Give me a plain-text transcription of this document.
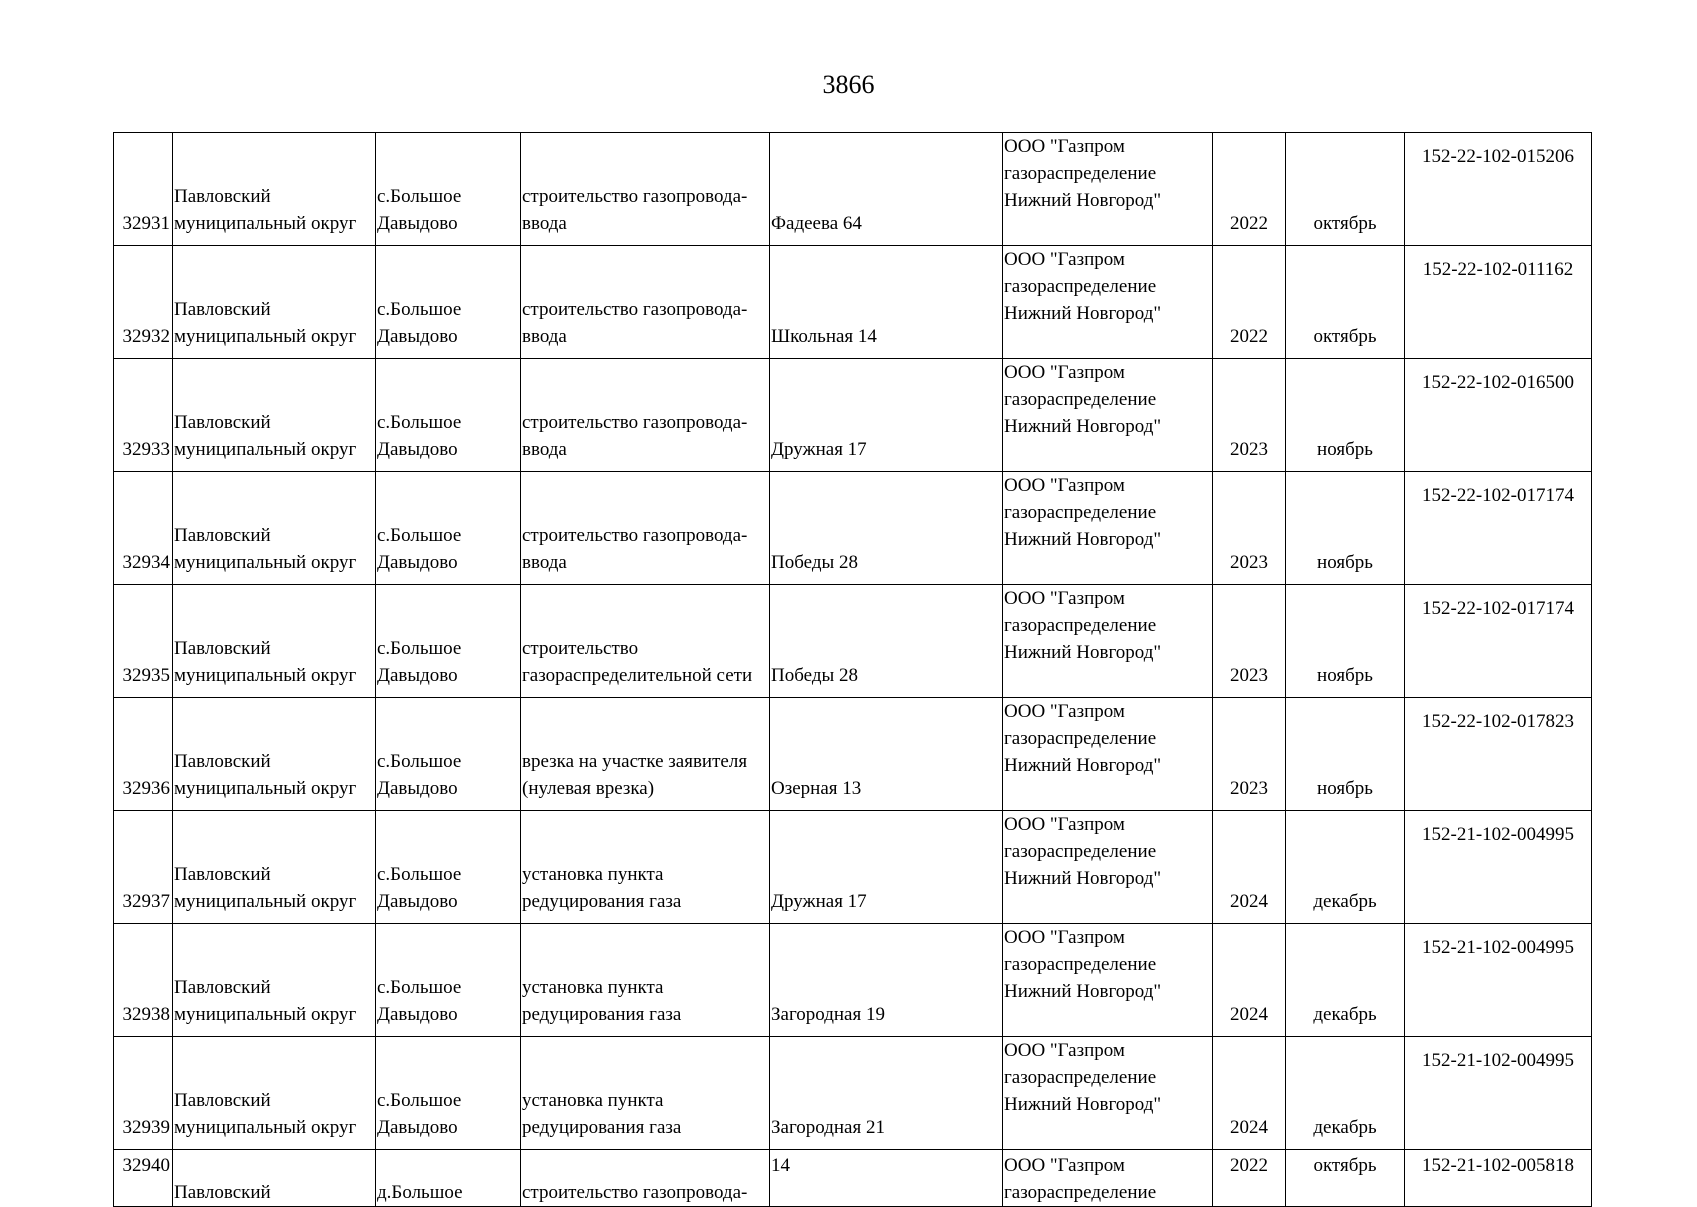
3866
32931	Павловский
муниципальный округ	с.Большое
Давыдово	строительство газопровода-
ввода	Фадеева 64	ООО "Газпром
газораспределение
Нижний Новгород"	2022	октябрь	152-22-102-015206

32932	Павловский
муниципальный округ	с.Большое
Давыдово	строительство газопровода-
ввода	Школьная 14	ООО "Газпром
газораспределение
Нижний Новгород"	2022	октябрь	152-22-102-011162

32933	Павловский
муниципальный округ	с.Большое
Давыдово	строительство газопровода-
ввода	Дружная 17	ООО "Газпром
газораспределение
Нижний Новгород"	2023	ноябрь	152-22-102-016500

32934	Павловский
муниципальный округ	с.Большое
Давыдово	строительство газопровода-
ввода	Победы 28	ООО "Газпром
газораспределение
Нижний Новгород"	2023	ноябрь	152-22-102-017174

32935	Павловский
муниципальный округ	с.Большое
Давыдово	строительство
газораспределительной сети	Победы 28	ООО "Газпром
газораспределение
Нижний Новгород"	2023	ноябрь	152-22-102-017174

32936	Павловский
муниципальный округ	с.Большое
Давыдово	врезка на участке заявителя
(нулевая врезка)	Озерная 13	ООО "Газпром
газораспределение
Нижний Новгород"	2023	ноябрь	152-22-102-017823

32937	Павловский
муниципальный округ	с.Большое
Давыдово	установка пункта
редуцирования газа	Дружная 17	ООО "Газпром
газораспределение
Нижний Новгород"	2024	декабрь	152-21-102-004995

32938	Павловский
муниципальный округ	с.Большое
Давыдово	установка пункта
редуцирования газа	Загородная 19	ООО "Газпром
газораспределение
Нижний Новгород"	2024	декабрь	152-21-102-004995

32939	Павловский
муниципальный округ	с.Большое
Давыдово	установка пункта
редуцирования газа	Загородная 21	ООО "Газпром
газораспределение
Нижний Новгород"	2024	декабрь	152-21-102-004995

32940	Павловский	д.Большое	строительство газопровода-	14	ООО "Газпром
газораспределение	2022	октябрь	152-21-102-005818
